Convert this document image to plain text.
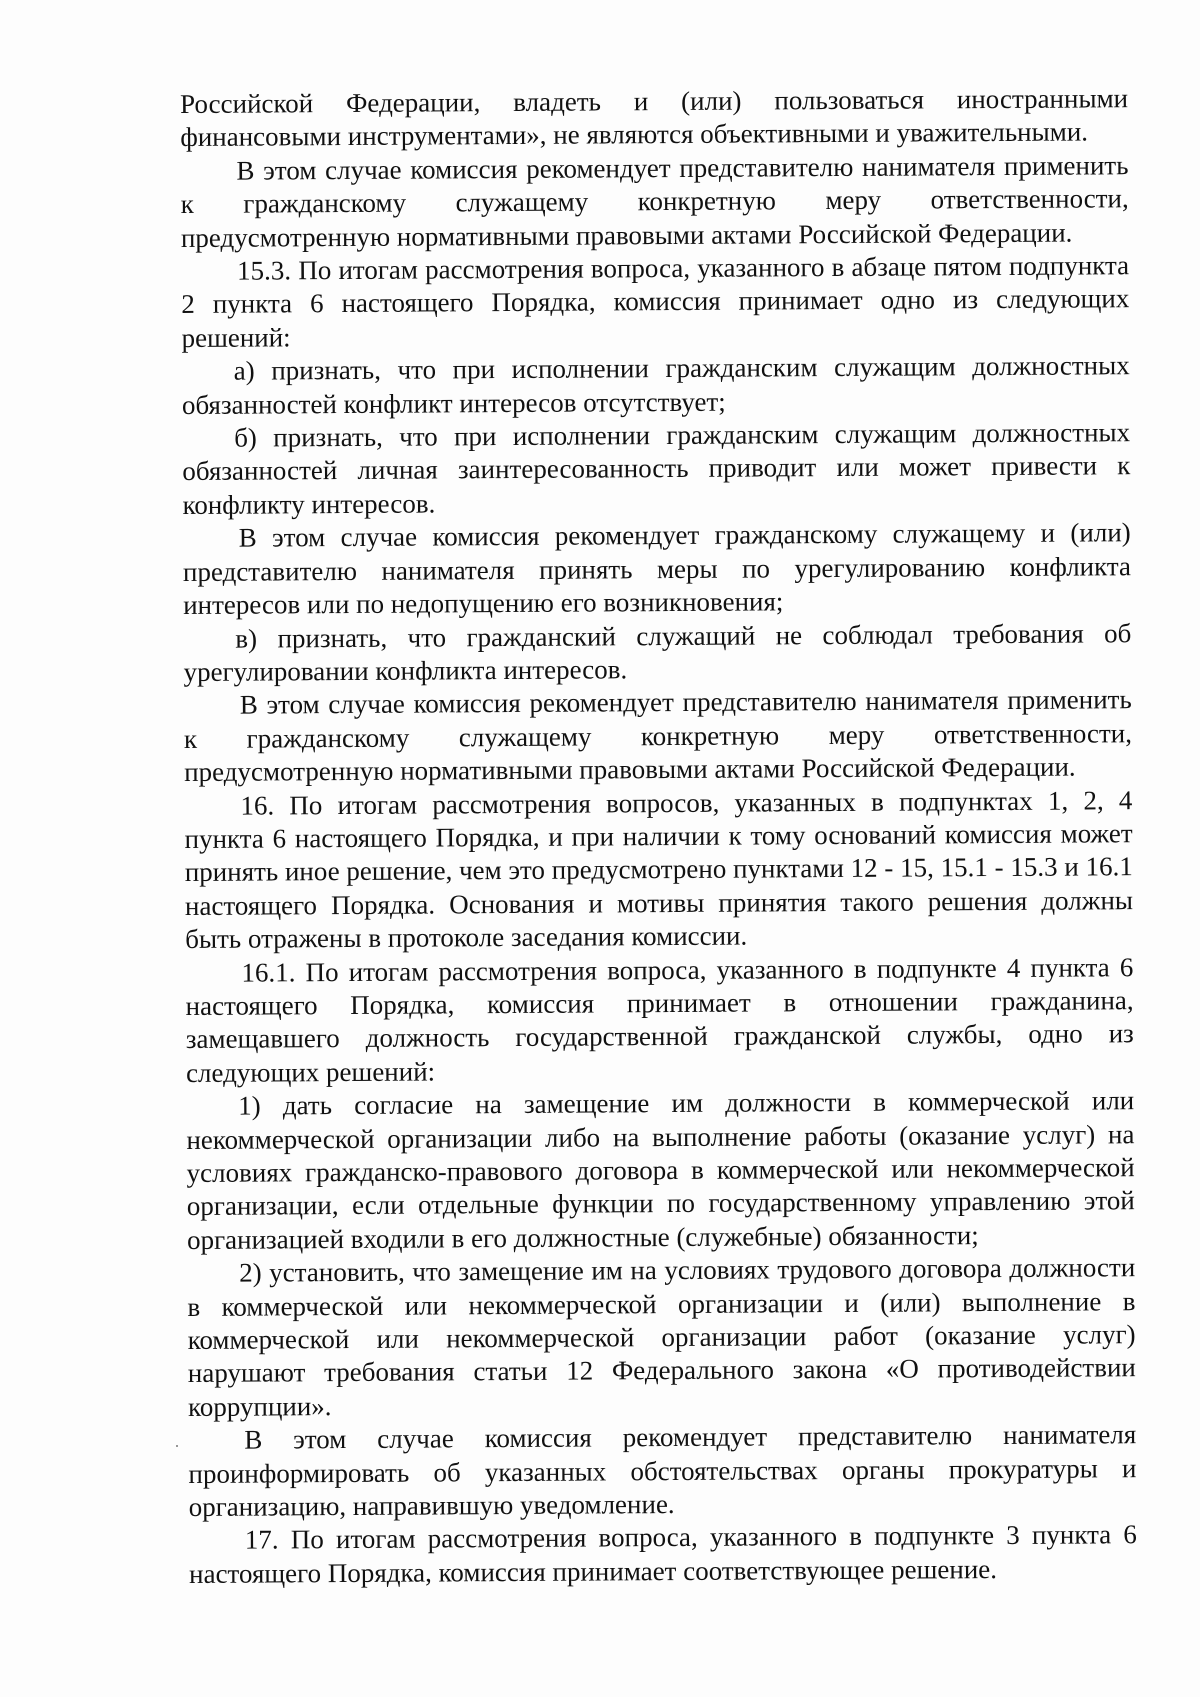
Российской Федерации, владеть и (или) пользоваться иностранными финансовыми инструментами», не являются объективными и уважительными.

В этом случае комиссия рекомендует представителю нанимателя применить к гражданскому служащему конкретную меру ответственности, предусмотренную нормативными правовыми актами Российской Федерации.

15.3. По итогам рассмотрения вопроса, указанного в абзаце пятом подпункта 2 пункта 6 настоящего Порядка, комиссия принимает одно из следующих решений:

а) признать, что при исполнении гражданским служащим должностных обязанностей конфликт интересов отсутствует;

б) признать, что при исполнении гражданским служащим должностных обязанностей личная заинтересованность приводит или может привести к конфликту интересов.

В этом случае комиссия рекомендует гражданскому служащему и (или) представителю нанимателя принять меры по урегулированию конфликта интересов или по недопущению его возникновения;

в) признать, что гражданский служащий не соблюдал требования об урегулировании конфликта интересов.

В этом случае комиссия рекомендует представителю нанимателя применить к гражданскому служащему конкретную меру ответственности, предусмотренную нормативными правовыми актами Российской Федерации.

16. По итогам рассмотрения вопросов, указанных в подпунктах 1, 2, 4 пункта 6 настоящего Порядка, и при наличии к тому оснований комиссия может принять иное решение, чем это предусмотрено пунктами 12 - 15, 15.1 - 15.3 и 16.1 настоящего Порядка. Основания и мотивы принятия такого решения должны быть отражены в протоколе заседания комиссии.

16.1. По итогам рассмотрения вопроса, указанного в подпункте 4 пункта 6 настоящего Порядка, комиссия принимает в отношении гражданина, замещавшего должность государственной гражданской службы, одно из следующих решений:

1) дать согласие на замещение им должности в коммерческой или некоммерческой организации либо на выполнение работы (оказание услуг) на условиях гражданско-правового договора в коммерческой или некоммерческой организации, если отдельные функции по государственному управлению этой организацией входили в его должностные (служебные) обязанности;

2) установить, что замещение им на условиях трудового договора должности в коммерческой или некоммерческой организации и (или) выполнение в коммерческой или некоммерческой организации работ (оказание услуг) нарушают требования статьи 12 Федерального закона «О противодействии коррупции».

В этом случае комиссия рекомендует представителю нанимателя проинформировать об указанных обстоятельствах органы прокуратуры и организацию, направившую уведомление.

17. По итогам рассмотрения вопроса, указанного в подпункте 3 пункта 6 настоящего Порядка, комиссия принимает соответствующее решение.
